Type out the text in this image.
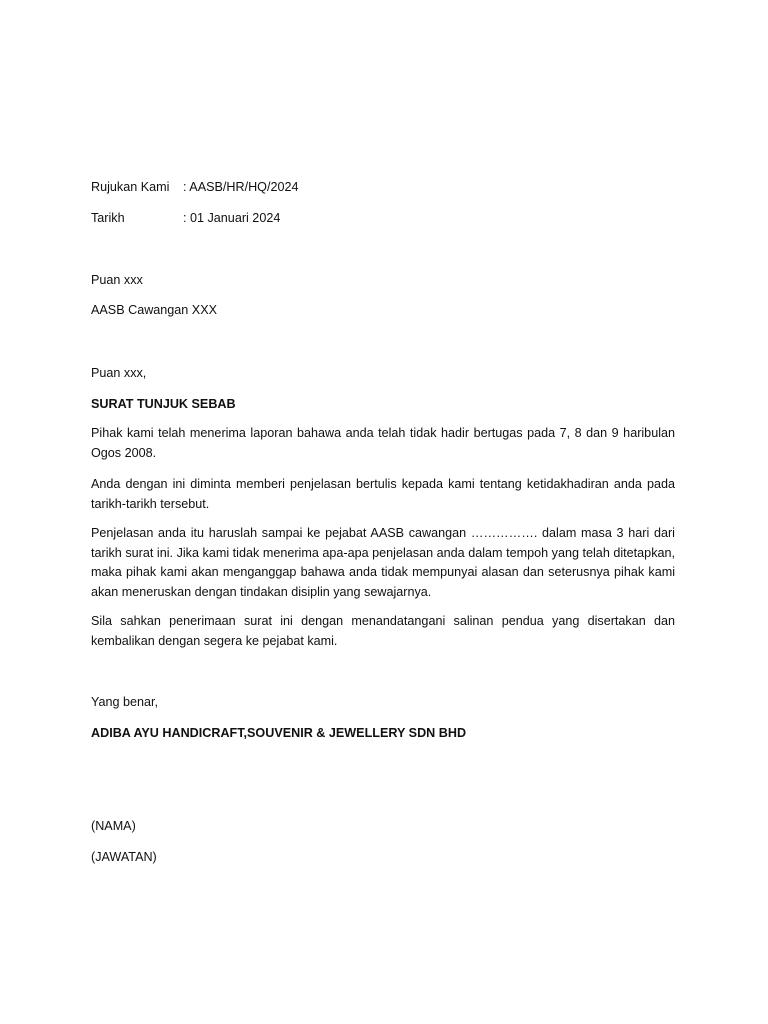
Rujukan Kami : AASB/HR/HQ/2024
Tarikh	: 01 Januari 2024
Puan xxx
AASB Cawangan XXX
Puan xxx,
SURAT TUNJUK SEBAB
Pihak kami telah menerima laporan bahawa anda telah tidak hadir bertugas pada 7, 8 dan 9 haribulan Ogos 2008.
Anda dengan ini diminta memberi penjelasan bertulis kepada kami tentang ketidakhadiran anda pada tarikh-tarikh tersebut.
Penjelasan anda itu haruslah sampai ke pejabat AASB cawangan ……………. dalam masa 3 hari dari tarikh surat ini. Jika kami tidak menerima apa-apa penjelasan anda dalam tempoh yang telah ditetapkan, maka pihak kami akan menganggap bahawa anda tidak mempunyai alasan dan seterusnya pihak kami akan meneruskan dengan tindakan disiplin yang sewajarnya.
Sila sahkan penerimaan surat ini dengan menandatangani salinan pendua yang disertakan dan kembalikan dengan segera ke pejabat kami.
Yang benar,
ADIBA AYU HANDICRAFT,SOUVENIR & JEWELLERY SDN BHD
(NAMA)
(JAWATAN)
